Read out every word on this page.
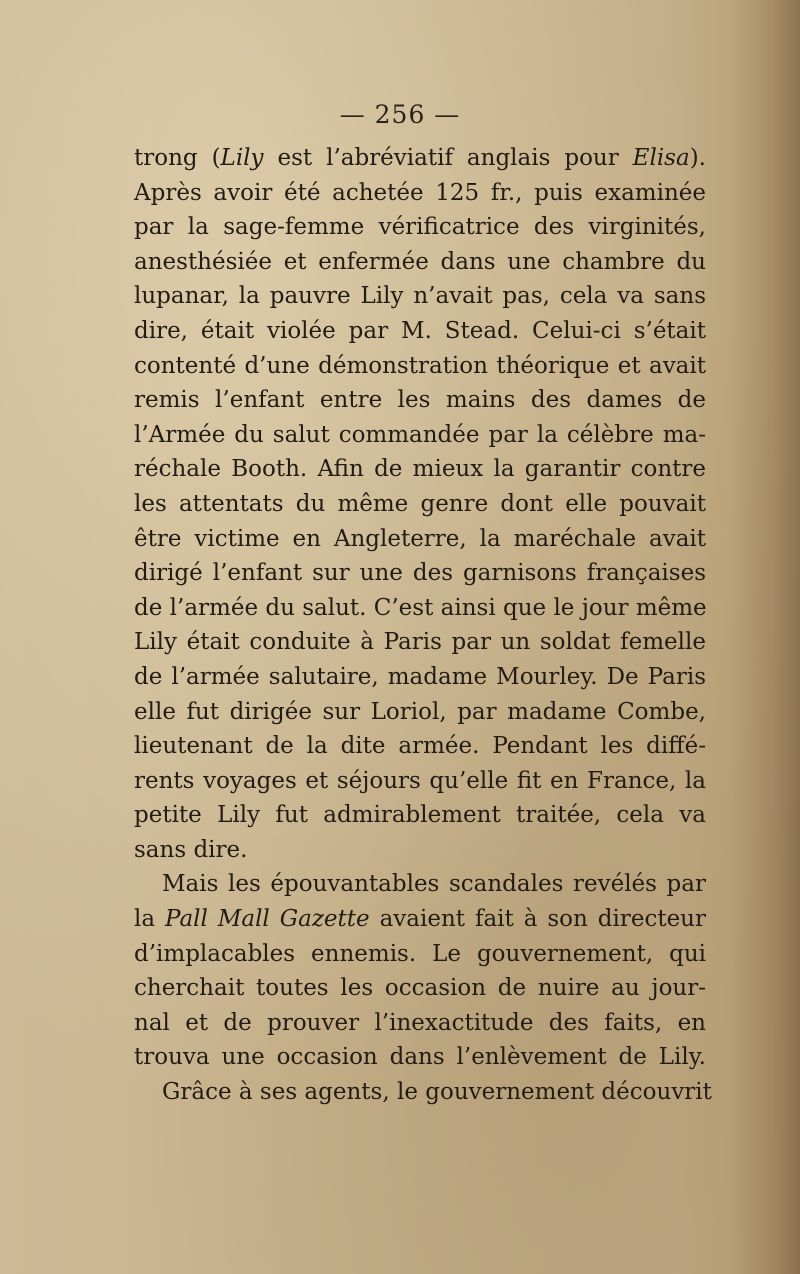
— 256 —
trong (Lily est l’abréviatif anglais pour Elisa).
Après avoir été achetée 125 fr., puis examinée
par la sage-femme vérificatrice des virginités,
anesthésiée et enfermée dans une chambre du
lupanar, la pauvre Lily n’avait pas, cela va sans
dire, était violée par M. Stead. Celui-ci s’était
contenté d’une démonstration théorique et avait
remis l’enfant entre les mains des dames de
l’Armée du salut commandée par la célèbre ma-
réchale Booth. Afin de mieux la garantir contre
les attentats du même genre dont elle pouvait
être victime en Angleterre, la maréchale avait
dirigé l’enfant sur une des garnisons françaises
de l’armée du salut. C’est ainsi que le jour même
Lily était conduite à Paris par un soldat femelle
de l’armée salutaire, madame Mourley. De Paris
elle fut dirigée sur Loriol, par madame Combe,
lieutenant de la dite armée. Pendant les diffé-
rents voyages et séjours qu’elle fit en France, la
petite Lily fut admirablement traitée, cela va
sans dire.
Mais les épouvantables scandales revélés par
la Pall Mall Gazette avaient fait à son directeur
d’implacables ennemis. Le gouvernement, qui
cherchait toutes les occasion de nuire au jour-
nal et de prouver l’inexactitude des faits, en
trouva une occasion dans l’enlèvement de Lily.
Grâce à ses agents, le gouvernement découvrit
